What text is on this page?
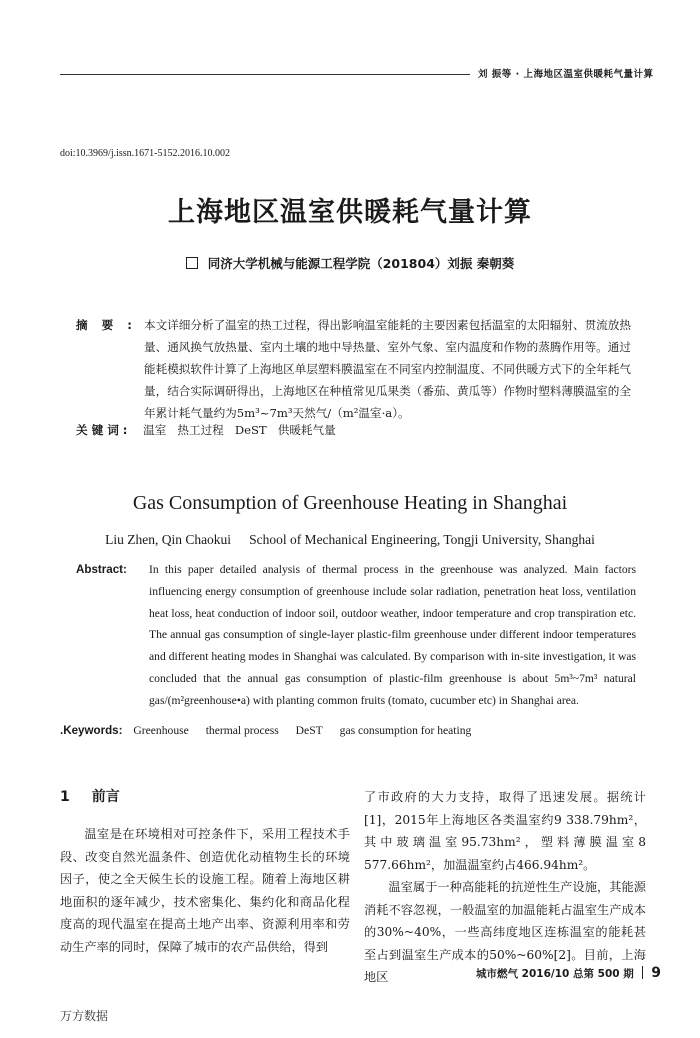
刘 振等 · 上海地区温室供暖耗气量计算
doi:10.3969/j.issn.1671-5152.2016.10.002
上海地区温室供暖耗气量计算
同济大学机械与能源工程学院（201804）刘振 秦朝葵
摘要:
本文详细分析了温室的热工过程，得出影响温室能耗的主要因素包括温室的太阳辐射、贯流放热量、通风换气放热量、室内土壤的地中导热量、室外气象、室内温度和作物的蒸腾作用等。通过能耗模拟软件计算了上海地区单层塑料膜温室在不同室内控制温度、不同供暖方式下的全年耗气量，结合实际调研得出，上海地区在种植常见瓜果类（番茄、黄瓜等）作物时塑料薄膜温室的全年累计耗气量约为5m³~7m³天然气/（m²温室·a）。
关键词: 温室 热工过程 DeST 供暖耗气量
Gas Consumption of Greenhouse Heating in Shanghai
Liu Zhen, Qin Chaokui School of Mechanical Engineering, Tongji University, Shanghai
Abstract: In this paper detailed analysis of thermal process in the greenhouse was analyzed. Main factors influencing energy consumption of greenhouse include solar radiation, penetration heat loss, ventilation heat loss, heat conduction of indoor soil, outdoor weather, indoor temperature and crop transpiration etc. The annual gas consumption of single-layer plastic-film greenhouse under different indoor temperatures and different heating modes in Shanghai was calculated. By comparison with in-site investigation, it was concluded that the annual gas consumption of plastic-film greenhouse is about 5m³~7m³ natural gas/(m²greenhouse•a) with planting common fruits (tomato, cucumber etc) in Shanghai area.
.Keywords: Greenhouse thermal process DeST gas consumption for heating
1 前言

温室是在环境相对可控条件下，采用工程技术手段、改变自然光温条件、创造优化动植物生长的环境因子，使之全天候生长的设施工程。随着上海地区耕地面积的逐年减少，技术密集化、集约化和商品化程度高的现代温室在提高土地产出率、资源利用率和劳动生产率的同时，保障了城市的农产品供给，得到

了市政府的大力支持，取得了迅速发展。据统计[1]，2015年上海地区各类温室约9 338.79hm²，其中玻璃温室95.73hm²，塑料薄膜温室8 577.66hm²，加温温室约占466.94hm²。

温室属于一种高能耗的抗逆性生产设施，其能源消耗不容忽视，一般温室的加温能耗占温室生产成本的30%~40%，一些高纬度地区连栋温室的能耗甚至占到温室生产成本的50%~60%[2]。目前，上海地区	城市燃气 2016/10 总第 500 期 9
万方数据
